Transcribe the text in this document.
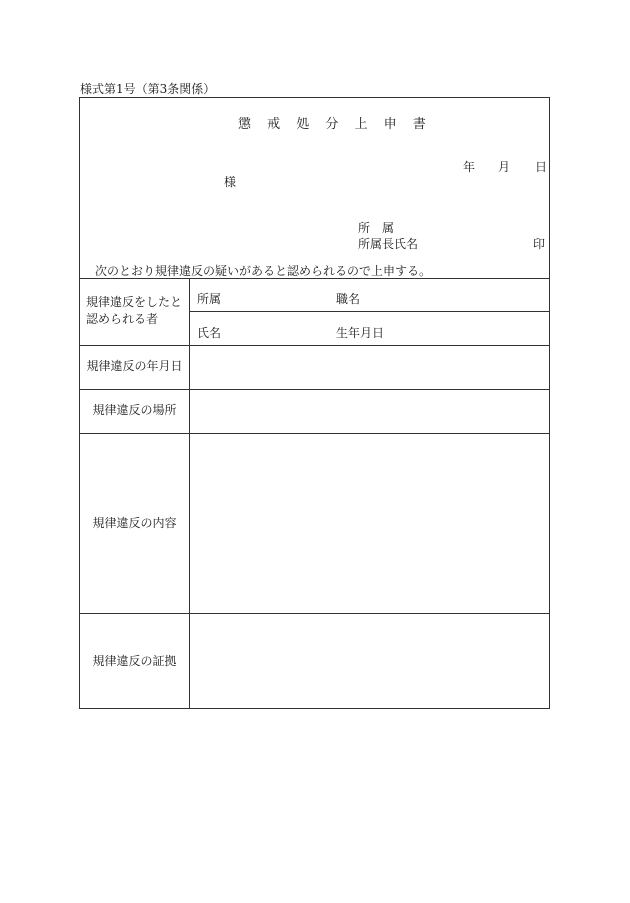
様式第1号（第3条関係）
懲 戒 処 分 上 申 書
年 月 日
様
所　属
所属長氏名	印
次のとおり規律違反の疑いがあると認められるので上申する。
規律違反をしたと
認められる者
所属	職名
氏名	生年月日
規律違反の年月日
規律違反の場所
規律違反の内容
規律違反の証拠
